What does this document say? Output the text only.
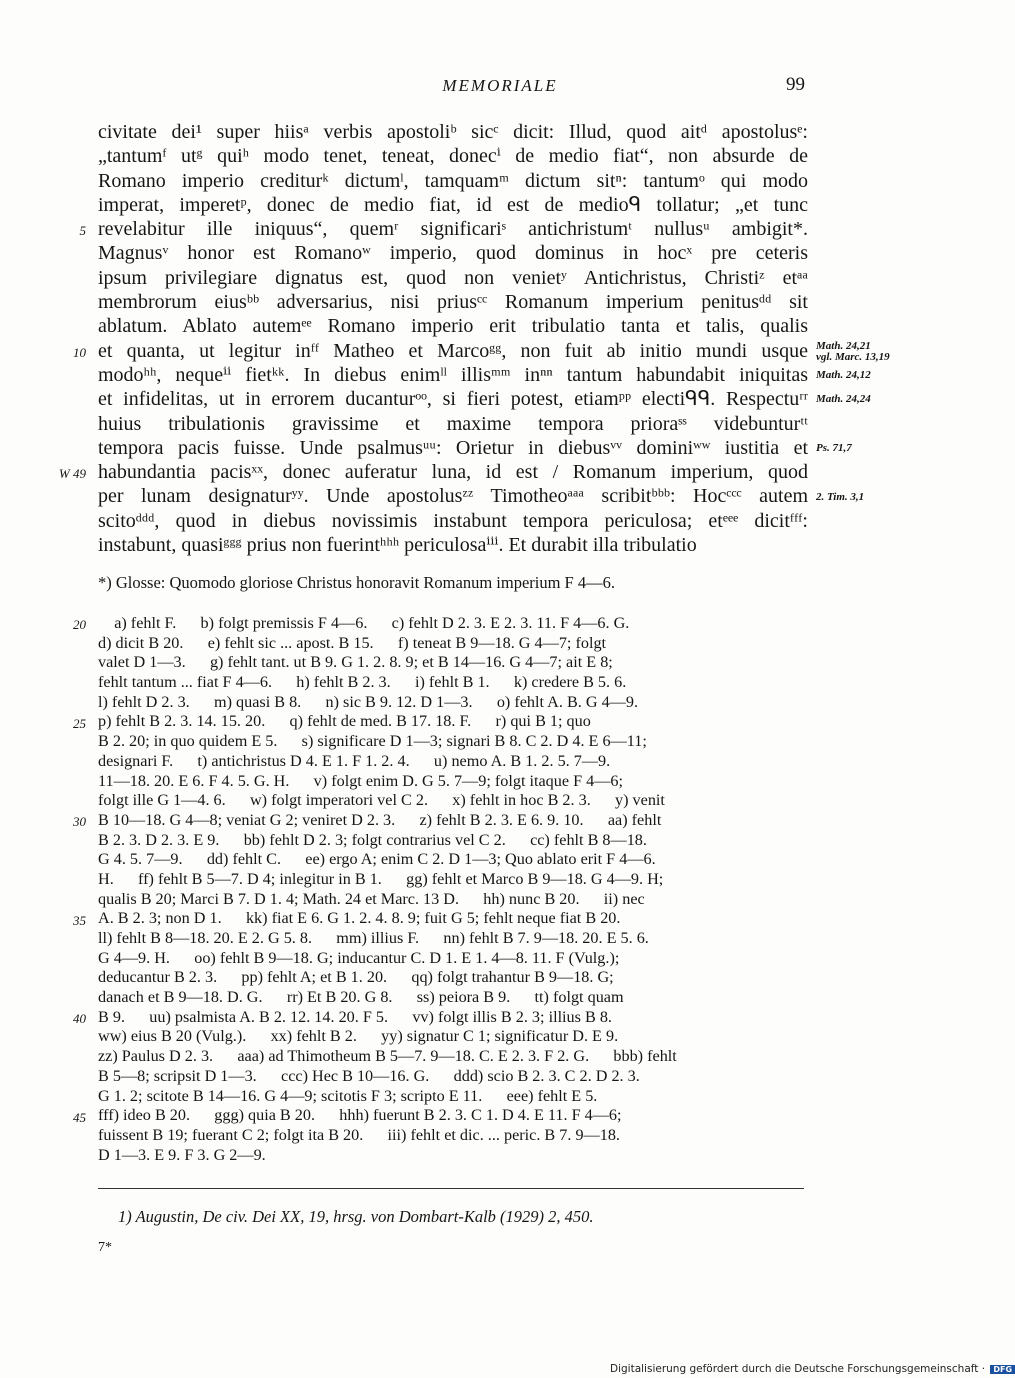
MEMORIALE	99
civitate dei¹ super hiisᵃ verbis apostoliᵇ sicᶜ dicit: Illud, quod aitᵈ apostolusᵉ:
„tantumᶠ utᵍ quiʰ modo tenet, teneat, donecⁱ de medio fiat“, non absurde de
Romano imperio crediturᵏ dictumˡ, tamquamᵐ dictum sitⁿ: tantumᵒ qui modo
imperat, imperetᵖ, donec de medio fiat, id est de medioᑫ tollatur; „et tunc
revelabitur ille iniquus“, quemʳ significariˢ antichristumᵗ nullusᵘ ambigit*.
Magnusᵛ honor est Romanoʷ imperio, quod dominus in hocˣ pre ceteris
ipsum privilegiare dignatus est, quod non venietʸ Antichristus, Christiᶻ etᵃᵃ
membrorum eiusᵇᵇ adversarius, nisi priusᶜᶜ Romanum imperium penitusᵈᵈ sit
ablatum. Ablato autemᵉᵉ Romano imperio erit tribulatio tanta et talis, qualis
et quanta, ut legitur inᶠᶠ Matheo et Marcoᵍᵍ, non fuit ab initio mundi usque
modoʰʰ, nequeⁱⁱ fietᵏᵏ. In diebus enimˡˡ illisᵐᵐ inⁿⁿ tantum habundabit iniquitas
et infidelitas, ut in errorem ducanturᵒᵒ, si fieri potest, etiamᵖᵖ electiᑫᑫ. Respectuʳʳ
huius tribulationis gravissime et maxime tempora prioraˢˢ videbunturᵗᵗ
tempora pacis fuisse. Unde psalmusᵘᵘ: Orietur in diebusᵛᵛ dominiʷʷ iustitia et
habundantia pacisˣˣ, donec auferatur luna, id est / Romanum imperium, quod
per lunam designaturʸʸ. Unde apostolusᶻᶻ Timotheoᵃᵃᵃ scribitᵇᵇᵇ: Hocᶜᶜᶜ autem
scitoᵈᵈᵈ, quod in diebus novissimis instabunt tempora periculosa; etᵉᵉᵉ dicitᶠᶠᶠ:
instabunt, quasiᵍᵍᵍ prius non fuerintʰʰʰ periculosaⁱⁱⁱ. Et durabit illa tribulatio
5
10
W 49
Math. 24,21
vgl. Marc. 13,19
Math. 24,12
Math. 24,24
Ps. 71,7
2. Tim. 3,1
*) Glosse: Quomodo gloriose Christus honoravit Romanum imperium F 4—6.
a) fehlt F.      b) folgt premissis F 4—6.      c) fehlt D 2. 3. E 2. 3. 11. F 4—6. G.
d) dicit B 20.      e) fehlt sic ... apost. B 15.      f) teneat B 9—18. G 4—7; folgt
valet D 1—3.      g) fehlt tant. ut B 9. G 1. 2. 8. 9; et B 14—16. G 4—7; ait E 8;
fehlt tantum ... fiat F 4—6.      h) fehlt B 2. 3.      i) fehlt B 1.      k) credere B 5. 6.
l) fehlt D 2. 3.      m) quasi B 8.      n) sic B 9. 12. D 1—3.      o) fehlt A. B. G 4—9.
p) fehlt B 2. 3. 14. 15. 20.      q) fehlt de med. B 17. 18. F.      r) qui B 1; quo
B 2. 20; in quo quidem E 5.      s) significare D 1—3; signari B 8. C 2. D 4. E 6—11;
designari F.      t) antichristus D 4. E 1. F 1. 2. 4.      u) nemo A. B 1. 2. 5. 7—9.
11—18. 20. E 6. F 4. 5. G. H.      v) folgt enim D. G 5. 7—9; folgt itaque F 4—6;
folgt ille G 1—4. 6.      w) folgt imperatori vel C 2.      x) fehlt in hoc B 2. 3.      y) venit
B 10—18. G 4—8; veniat G 2; veniret D 2. 3.      z) fehlt B 2. 3. E 6. 9. 10.      aa) fehlt
B 2. 3. D 2. 3. E 9.      bb) fehlt D 2. 3; folgt contrarius vel C 2.      cc) fehlt B 8—18.
G 4. 5. 7—9.      dd) fehlt C.      ee) ergo A; enim C 2. D 1—3; Quo ablato erit F 4—6.
H.      ff) fehlt B 5—7. D 4; inlegitur in B 1.      gg) fehlt et Marco B 9—18. G 4—9. H;
qualis B 20; Marci B 7. D 1. 4; Math. 24 et Marc. 13 D.      hh) nunc B 20.      ii) nec
A. B 2. 3; non D 1.      kk) fiat E 6. G 1. 2. 4. 8. 9; fuit G 5; fehlt neque fiat B 20.
ll) fehlt B 8—18. 20. E 2. G 5. 8.      mm) illius F.      nn) fehlt B 7. 9—18. 20. E 5. 6.
G 4—9. H.      oo) fehlt B 9—18. G; inducantur C. D 1. E 1. 4—8. 11. F (Vulg.);
deducantur B 2. 3.      pp) fehlt A; et B 1. 20.      qq) folgt trahantur B 9—18. G;
danach et B 9—18. D. G.      rr) Et B 20. G 8.      ss) peiora B 9.      tt) folgt quam
B 9.      uu) psalmista A. B 2. 12. 14. 20. F 5.      vv) folgt illis B 2. 3; illius B 8.
ww) eius B 20 (Vulg.).      xx) fehlt B 2.      yy) signatur C 1; significatur D. E 9.
zz) Paulus D 2. 3.      aaa) ad Thimotheum B 5—7. 9—18. C. E 2. 3. F 2. G.      bbb) fehlt
B 5—8; scripsit D 1—3.      ccc) Hec B 10—16. G.      ddd) scio B 2. 3. C 2. D 2. 3.
G 1. 2; scitote B 14—16. G 4—9; scitotis F 3; scripto E 11.      eee) fehlt E 5.
fff) ideo B 20.      ggg) quia B 20.      hhh) fuerunt B 2. 3. C 1. D 4. E 11. F 4—6;
fuissent B 19; fuerant C 2; folgt ita B 20.      iii) fehlt et dic. ... peric. B 7. 9—18.
D 1—3. E 9. F 3. G 2—9.
20
25
30
35
40
45
1) Augustin, De civ. Dei XX, 19, hrsg. von Dombart-Kalb (1929) 2, 450.
7*
Digitalisierung gefördert durch die Deutsche Forschungsgemeinschaft · DFG
